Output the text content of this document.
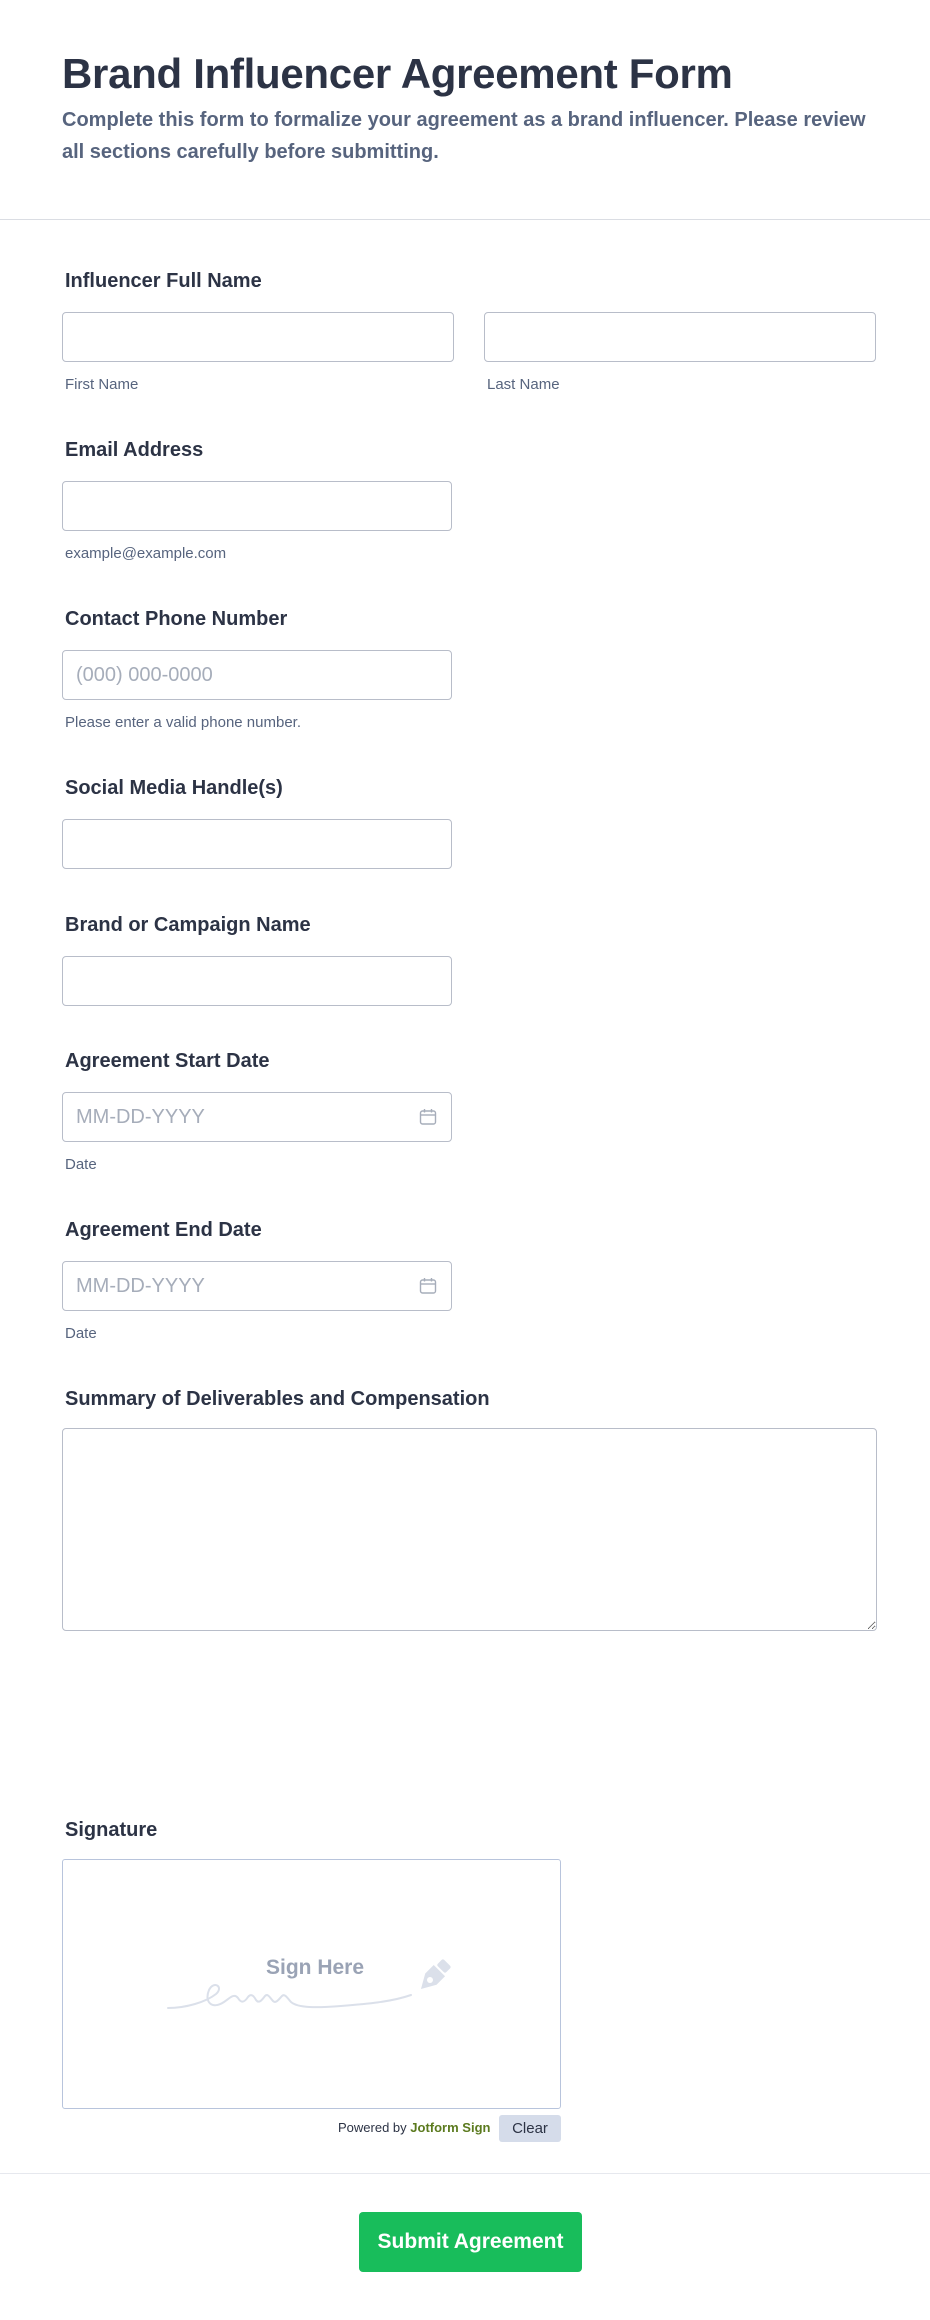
Brand Influencer Agreement Form

Complete this form to formalize your agreement as a brand influencer. Please review all sections carefully before submitting.

Influencer Full Name
First Name	Last Name
Email Address
example@example.com
Contact Phone Number
(000) 000-0000
Please enter a valid phone number.
Social Media Handle(s)
Brand or Campaign Name
Agreement Start Date
MM-DD-YYYY
Date
Agreement End Date
MM-DD-YYYY
Date
Summary of Deliverables and Compensation
Signature
Sign Here
Powered by Jotform Sign	Clear
Submit Agreement
